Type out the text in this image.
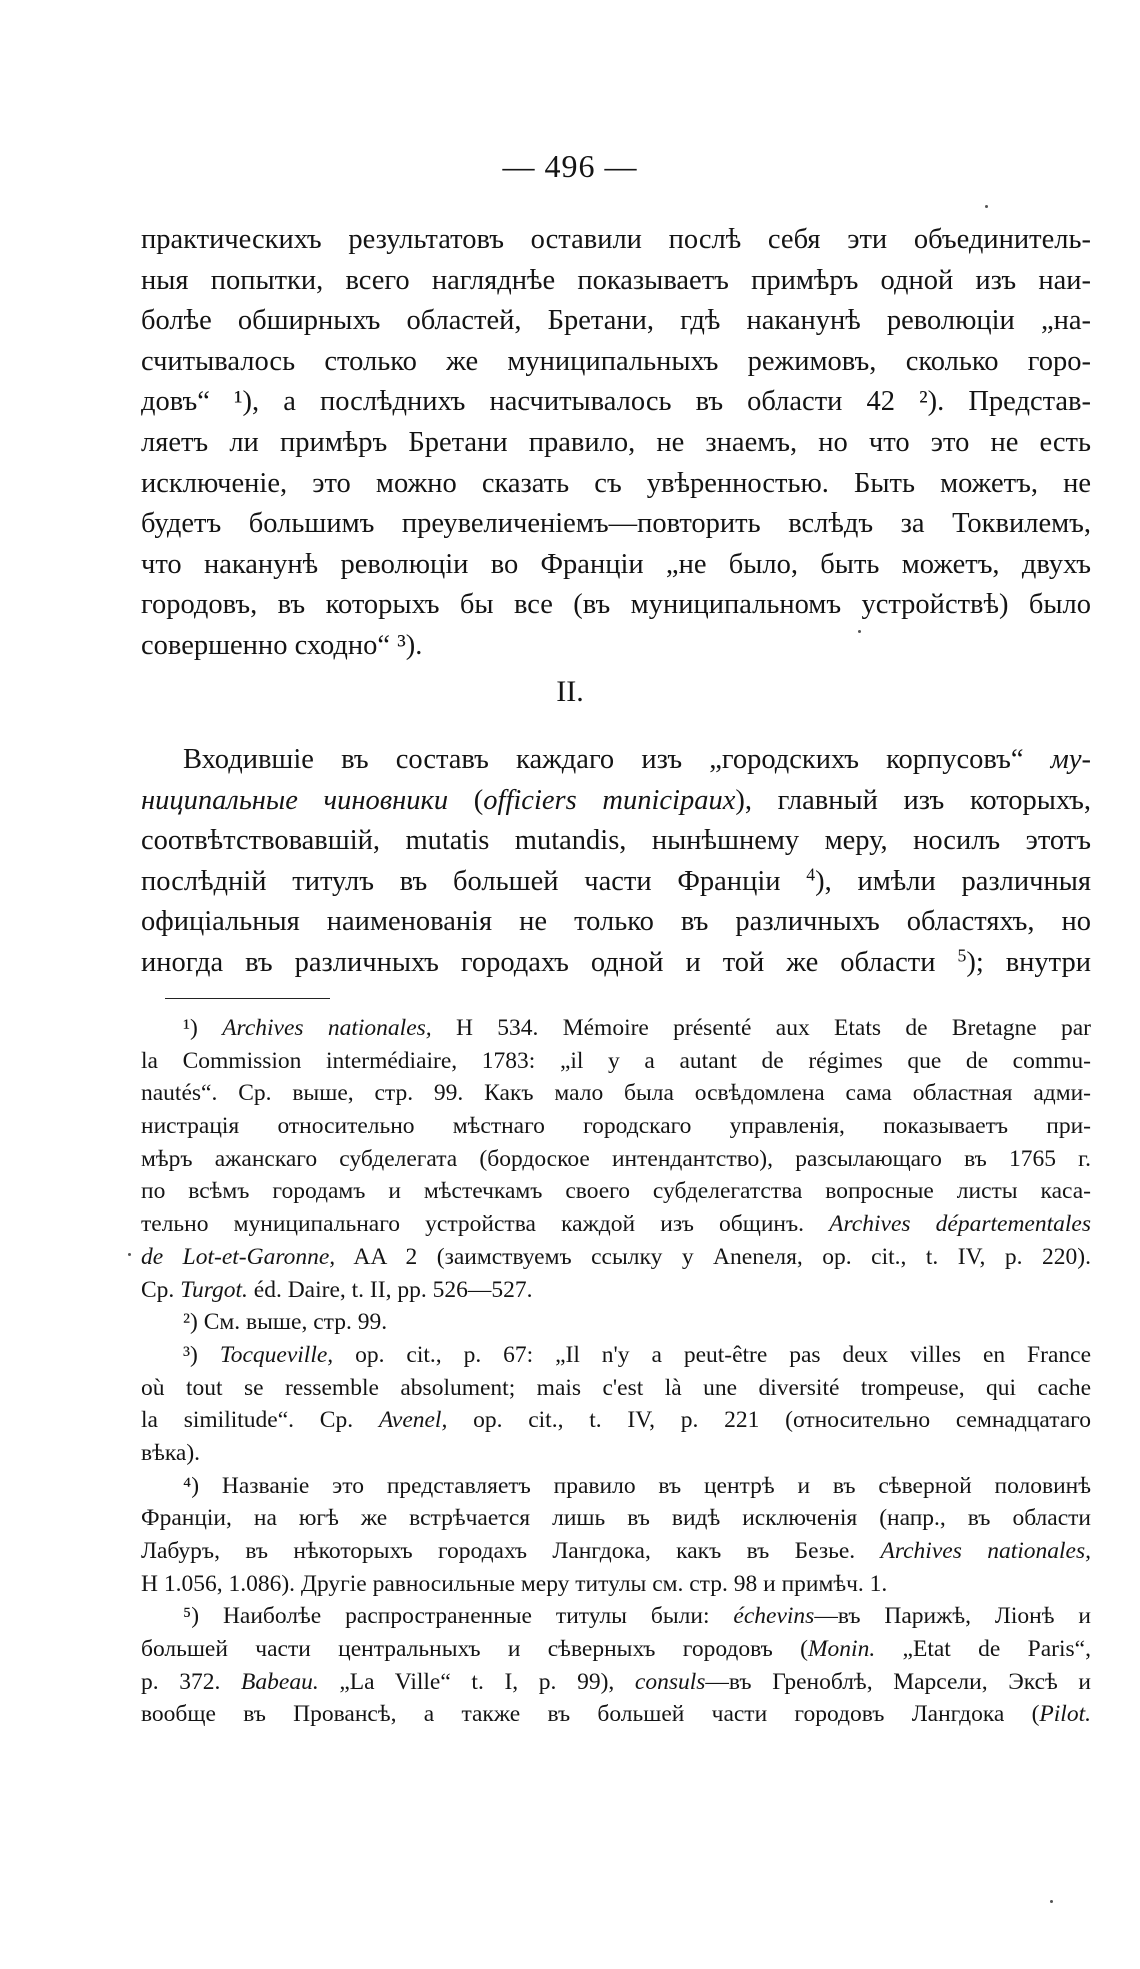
— 496 —
практическихъ результатовъ оставили послѣ себя эти объединитель-
ныя попытки, всего нагляднѣе показываетъ примѣръ одной изъ наи-
болѣе обширныхъ областей, Бретани, гдѣ наканунѣ революціи „на-
считывалось столько же муниципальныхъ режимовъ, сколько горо-
довъ“ ¹), а послѣднихъ насчитывалось въ области 42 ²). Представ-
ляетъ ли примѣръ Бретани правило, не знаемъ, но что это не есть
исключеніе, это можно сказать съ увѣренностью. Быть можетъ, не
будетъ большимъ преувеличеніемъ—повторить вслѣдъ за Токвилемъ,
что наканунѣ революціи во Франціи „не было, быть можетъ, двухъ
городовъ, въ которыхъ бы все (въ муниципальномъ устройствѣ) было
совершенно сходно“ ³).
II.
Входившіе въ составъ каждаго изъ „городскихъ корпусовъ“ му-
ниципальные чиновники (officiers municipaux), главный изъ которыхъ,
соотвѣтствовавшій, mutatis mutandis, нынѣшнему меру, носилъ этотъ
послѣдній титулъ въ большей части Франціи $^4$), имѣли различныя
офиціальныя наименованія не только въ различныхъ областяхъ, но
иногда въ различныхъ городахъ одной и той же области $^5$); внутри
¹) Archives nationales, H 534. Mémoire présenté aux Etats de Bretagne par
la Commission intermédiaire, 1783: „il y a autant de régimes que de commu-
nautés“. Ср. выше, стр. 99. Какъ мало была освѣдомлена сама областная адми-
нистрація относительно мѣстнаго городскаго управленія, показываетъ при-
мѣръ ажанскаго субделегата (бордоское интендантство), разсылающаго въ 1765 г.
по всѣмъ городамъ и мѣстечкамъ своего субделегатства вопросные листы каса-
тельно муниципальнаго устройства каждой изъ общинъ. Archives départementales
de Lot-et-Garonne, AA 2 (заимствуемъ ссылку у Aneneля, op. cit., t. IV, p. 220).
Ср. Turgot. éd. Daire, t. II, pp. 526—527.
²) См. выше, стр. 99.
³) Tocqueville, op. cit., p. 67: „Il n'y a peut-être pas deux villes en France
où tout se ressemble absolument; mais c'est là une diversité trompeuse, qui cache
la similitude“. Ср. Avenel, op. cit., t. IV, p. 221 (относительно семнадцатаго
вѣка).
⁴) Названіе это представляетъ правило въ центрѣ и въ сѣверной половинѣ
Франціи, на югѣ же встрѣчается лишь въ видѣ исключенія (напр., въ области
Лабуръ, въ нѣкоторыхъ городахъ Лангдока, какъ въ Безье. Archives nationales,
H 1.056, 1.086). Другіе равносильные меру титулы см. стр. 98 и примѣч. 1.
⁵) Наиболѣе распространенные титулы были: échevins—въ Парижѣ, Ліонѣ и
большей части центральныхъ и сѣверныхъ городовъ (Monin. „Etat de Paris“,
p. 372. Babeau. „La Ville“ t. I, p. 99), consuls—въ Греноблѣ, Марсели, Эксѣ и
вообще въ Провансѣ, а также въ большей части городовъ Лангдока (Pilot.
